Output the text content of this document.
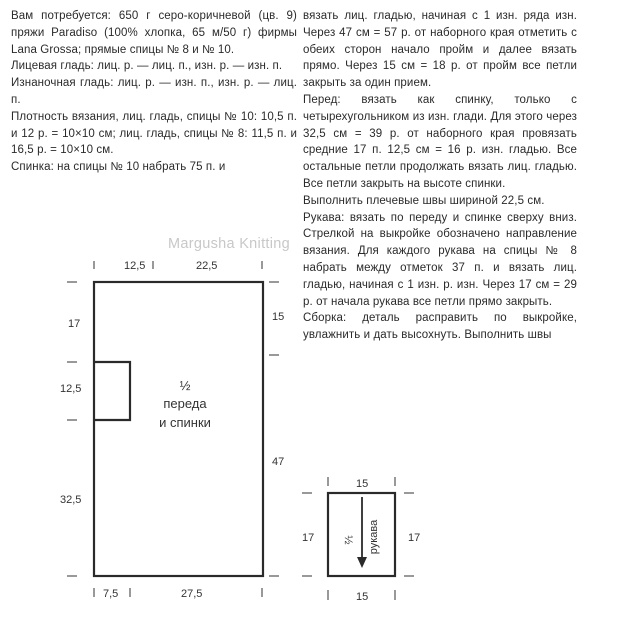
Вам потребуется: 650 г серо-коричневой (цв. 9) пряжи Paradiso (100% хлопка, 65 м/50 г) фирмы Lana Grossa; прямые спицы № 8 и № 10.

Лицевая гладь: лиц. р. — лиц. п., изн. р. — изн. п.

Изнаночная гладь: лиц. р. — изн. п., изн. р. — лиц. п.

Плотность вязания, лиц. гладь, спицы № 10: 10,5 п. и 12 р. = 10×10 см; лиц. гладь, спицы № 8: 11,5 п. и 16,5 р. = 10×10 см.

Спинка: на спицы № 10 набрать 75 п. и

вязать лиц. гладью, начиная с 1 изн. ряда изн. Через 47 см = 57 р. от наборного края отметить с обеих сторон начало пройм и далее вязать прямо. Через 15 см = 18 р. от пройм все петли закрыть за один прием.

Перед: вязать как спинку, только с четырехугольником из изн. глади. Для этого через 32,5 см = 39 р. от наборного края провязать средние 17 п. 12,5 см = 16 р. изн. гладью. Все остальные петли продолжать вязать лиц. гладью. Все петли закрыть на высоте спинки.

Выполнить плечевые швы шириной 22,5 см.

Рукава: вязать по переду и спинке сверху вниз. Стрелкой на выкройке обозначено направление вязания. Для каждого рукава на спицы № 8 набрать между отметок 37 п. и вязать лиц. гладью, начиная с 1 изн. р. изн. Через 17 см = 29 р. от начала рукава все петли прямо закрыть.

Сборка: деталь расправить по выкройке, увлажнить и дать высохнуть. Выполнить швы

Margusha Knitting
12,5	22,5
17
12,5
32,5
15
47
7,5	27,5
½
переда
и спинки
15
15
17	17
½ рукава
